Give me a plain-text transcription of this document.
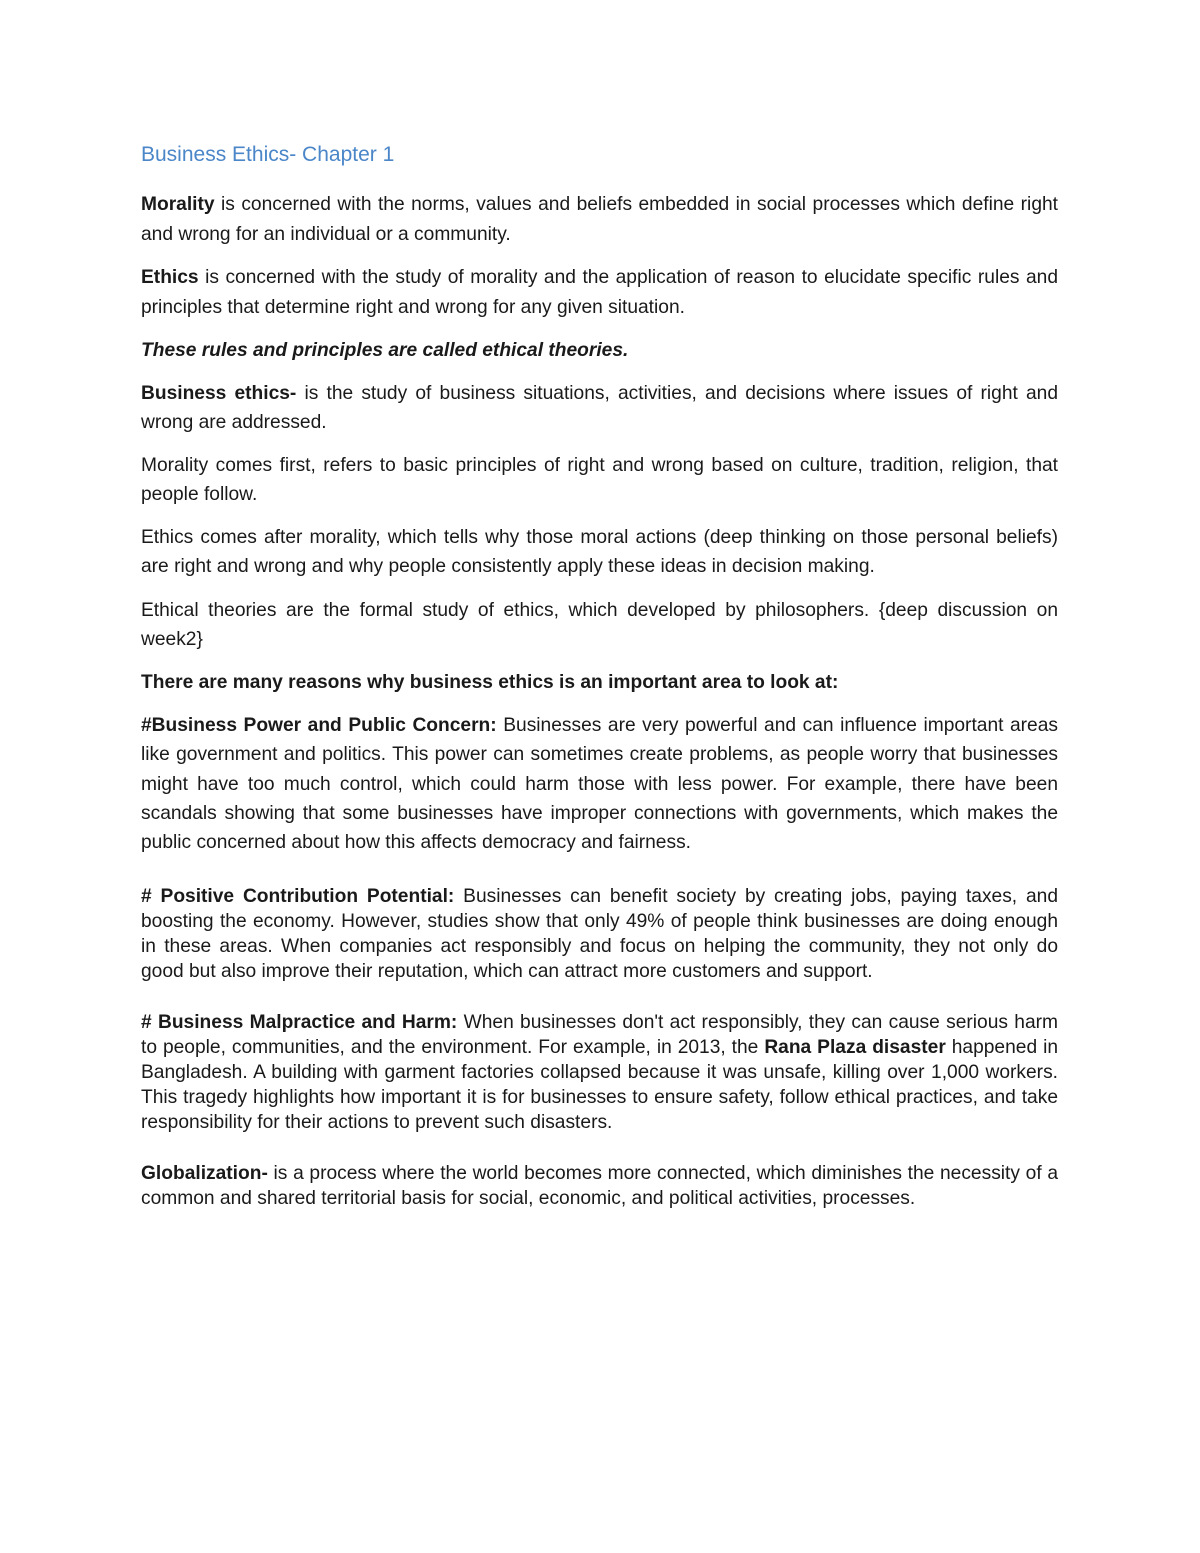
Business Ethics- Chapter 1

Morality is concerned with the norms, values and beliefs embedded in social processes which define right and wrong for an individual or a community.

Ethics is concerned with the study of morality and the application of reason to elucidate specific rules and principles that determine right and wrong for any given situation.

These rules and principles are called ethical theories.

Business ethics- is the study of business situations, activities, and decisions where issues of right and wrong are addressed.

Morality comes first, refers to basic principles of right and wrong based on culture, tradition, religion, that people follow.

Ethics comes after morality, which tells why those moral actions (deep thinking on those personal beliefs) are right and wrong and why people consistently apply these ideas in decision making.

Ethical theories are the formal study of ethics, which developed by philosophers. {deep discussion on week2}

There are many reasons why business ethics is an important area to look at:

#Business Power and Public Concern: Businesses are very powerful and can influence important areas like government and politics. This power can sometimes create problems, as people worry that businesses might have too much control, which could harm those with less power. For example, there have been scandals showing that some businesses have improper connections with governments, which makes the public concerned about how this affects democracy and fairness.

# Positive Contribution Potential: Businesses can benefit society by creating jobs, paying taxes, and boosting the economy. However, studies show that only 49% of people think businesses are doing enough in these areas. When companies act responsibly and focus on helping the community, they not only do good but also improve their reputation, which can attract more customers and support.

# Business Malpractice and Harm: When businesses don't act responsibly, they can cause serious harm to people, communities, and the environment. For example, in 2013, the Rana Plaza disaster happened in Bangladesh. A building with garment factories collapsed because it was unsafe, killing over 1,000 workers. This tragedy highlights how important it is for businesses to ensure safety, follow ethical practices, and take responsibility for their actions to prevent such disasters.

Globalization- is a process where the world becomes more connected, which diminishes the necessity of a common and shared territorial basis for social, economic, and political activities, processes.
